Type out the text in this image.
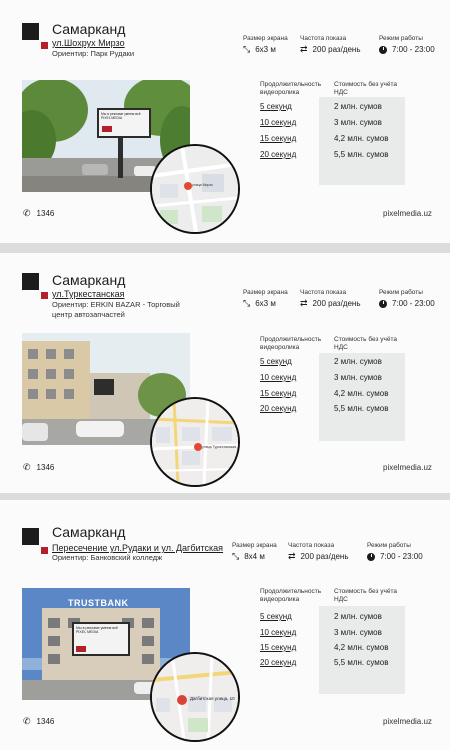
Самарканд
ул.Шохрух Мирзо
Ориентир: Парк Рудаки
Размер экрана
⤡ 6x3 м
Частота показа
⇄ 200 раз/день
Режим работы
7:00 - 23:00
Продолжительность видеоролика
Стоимость без учёта НДС
5 секунд	2 млн. сумов
10 секунд	3 млн. сумов
15 секунд	4,2 млн. сумов
20 секунд	5,5 млн. сумов
Мы в рекламе умеем всё PIXEL MEDIA
улица Мирзо
✆ 1346	pixelmedia.uz
Самарканд
ул.Туркестанская
Ориентир: ERKIN BAZAR - Торговый центр автозапчастей
Размер экрана
⤡ 6x3 м
Частота показа
⇄ 200 раз/день
Режим работы
7:00 - 23:00
Продолжительность видеоролика
Стоимость без учёта НДС
5 секунд	2 млн. сумов
10 секунд	3 млн. сумов
15 секунд	4,2 млн. сумов
20 секунд	5,5 млн. сумов
улица Туркестанская
✆ 1346	pixelmedia.uz
Самарканд
Пересечение ул.Рудаки и ул. Дагбитская
Ориентир: Банковский колледж
Размер экрана
⤡ 8x4 м
Частота показа
⇄ 200 раз/день
Режим работы
7:00 - 23:00
Продолжительность видеоролика
Стоимость без учёта НДС
5 секунд	2 млн. сумов
10 секунд	3 млн. сумов
15 секунд	4,2 млн. сумов
20 секунд	5,5 млн. сумов
TRUSTBANK
Мы в рекламе умеем всё PIXEL MEDIA
Дагбитская улица, 10
✆ 1346	pixelmedia.uz
